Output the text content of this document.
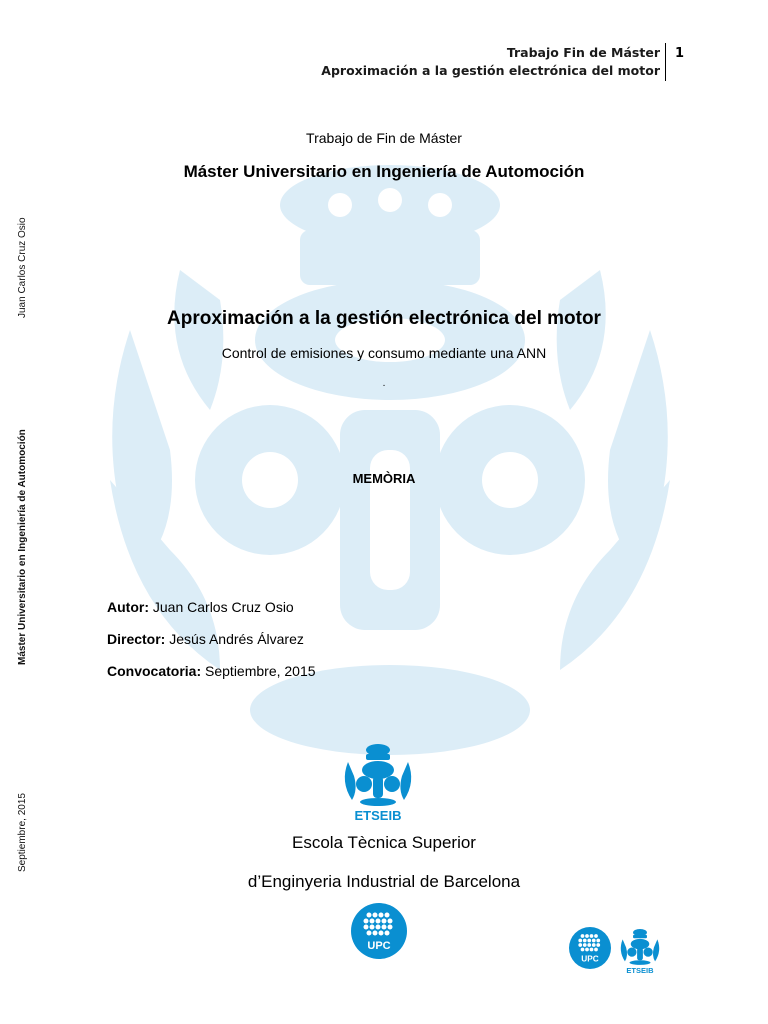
Trabajo Fin de Máster
Aproximación a la gestión electrónica del motor
1
Juan Carlos Cruz Osio
Máster Universitario en Ingeniería de Automoción
Septiembre, 2015
Trabajo de Fin de Máster
Máster Universitario en Ingeniería de Automoción
Aproximación a la gestión electrónica del motor
Control de emisiones y consumo mediante una ANN
.
MEMÒRIA
Autor: Juan Carlos Cruz Osio
Director: Jesús Andrés Álvarez
Convocatoria: Septiembre, 2015
ETSEIB
Escola Tècnica Superior
d’Enginyeria Industrial de Barcelona
UPC
UPC
ETSEIB
